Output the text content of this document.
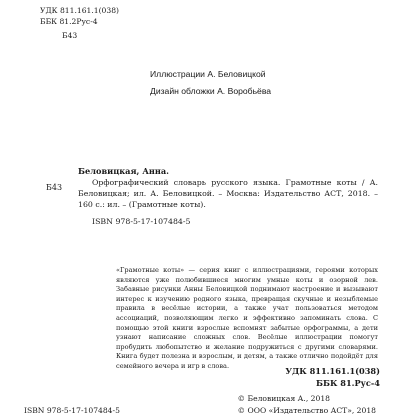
УДК 811.161.1(038)
ББК 81.2Рус-4
Б43
Иллюстрации А. Беловицкой
Дизайн обложки А. Воробьёва
Б43
Беловицкая, Анна.

Орфографический словарь русского языка. Грамотные коты / А. Беловицкая; ил. А. Беловицкой. – Москва: Издательство АСТ, 2018. – 160 с.: ил. – (Грамотные коты).

ISBN 978-5-17-107484-5

«Грамотные коты» — серия книг с иллюстрациями, героями которых являются уже полюбившиеся многим умные коты и озорной лев. Забавные рисунки Анны Беловицкой поднимают настроение и вызывают интерес к изучению родного языка, превращая скучные и незыблемые правила в весёлые истории, а также учат пользоваться методом ассоциаций, позволяющим легко и эффективно запоминать слова. С помощью этой книги взрослые вспомнят забытые орфограммы, а дети узнают написание сложных слов. Весёлые иллюстрации помогут пробудить любопытство и желание подружиться с другими словарями. Книга будет полезна и взрослым, и детям, а также отлично подойдёт для семейного вечера и игр в слова.

УДК 811.161.1(038)
ББК 81.Рус-4
ISBN 978-5-17-107484-5
© Беловицкая А., 2018
© ООО «Издательство АСТ», 2018
